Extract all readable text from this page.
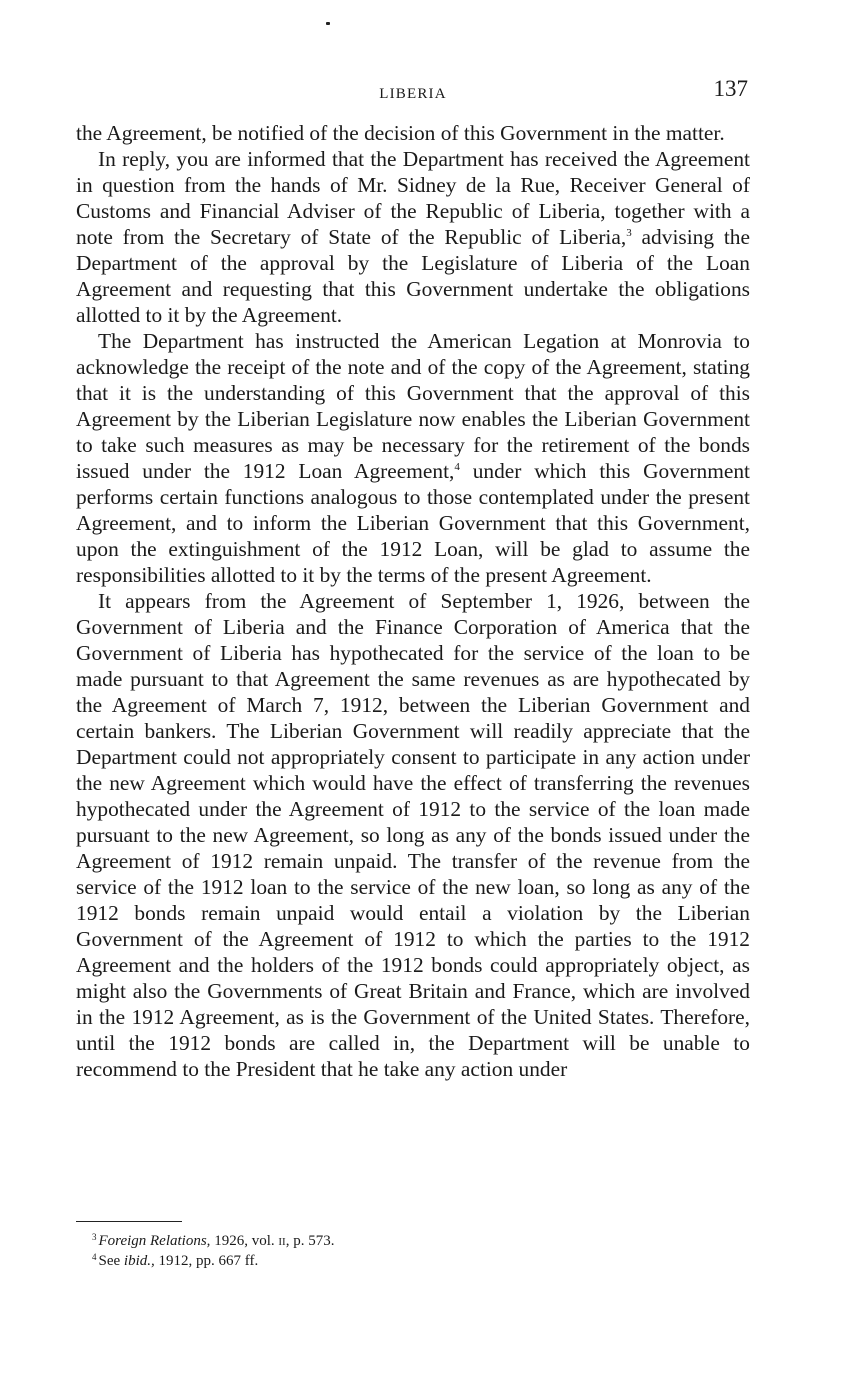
LIBERIA	137

the Agreement, be notified of the decision of this Government in the matter.

In reply, you are informed that the Department has received the Agreement in question from the hands of Mr. Sidney de la Rue, Receiver General of Customs and Financial Adviser of the Republic of Liberia, together with a note from the Secretary of State of the Republic of Liberia,$^3$ advising the Department of the approval by the Legislature of Liberia of the Loan Agreement and requesting that this Government undertake the obligations allotted to it by the Agreement.

The Department has instructed the American Legation at Monrovia to acknowledge the receipt of the note and of the copy of the Agreement, stating that it is the understanding of this Government that the approval of this Agreement by the Liberian Legislature now enables the Liberian Government to take such measures as may be necessary for the retirement of the bonds issued under the 1912 Loan Agreement,$^4$ under which this Government performs certain functions analogous to those contemplated under the present Agreement, and to inform the Liberian Government that this Government, upon the extinguishment of the 1912 Loan, will be glad to assume the responsibilities allotted to it by the terms of the present Agreement.

It appears from the Agreement of September 1, 1926, between the Government of Liberia and the Finance Corporation of America that the Government of Liberia has hypothecated for the service of the loan to be made pursuant to that Agreement the same revenues as are hypothecated by the Agreement of March 7, 1912, between the Liberian Government and certain bankers. The Liberian Government will readily appreciate that the Department could not appropriately consent to participate in any action under the new Agreement which would have the effect of transferring the revenues hypothecated under the Agreement of 1912 to the service of the loan made pursuant to the new Agreement, so long as any of the bonds issued under the Agreement of 1912 remain unpaid. The transfer of the revenue from the service of the 1912 loan to the service of the new loan, so long as any of the 1912 bonds remain unpaid would entail a violation by the Liberian Government of the Agreement of 1912 to which the parties to the 1912 Agreement and the holders of the 1912 bonds could appropriately object, as might also the Governments of Great Britain and France, which are involved in the 1912 Agreement, as is the Government of the United States. Therefore, until the 1912 bonds are called in, the Department will be unable to recommend to the President that he take any action under

$^3$ Foreign Relations, 1926, vol. ii, p. 573.
$^4$ See ibid., 1912, pp. 667 ff.
